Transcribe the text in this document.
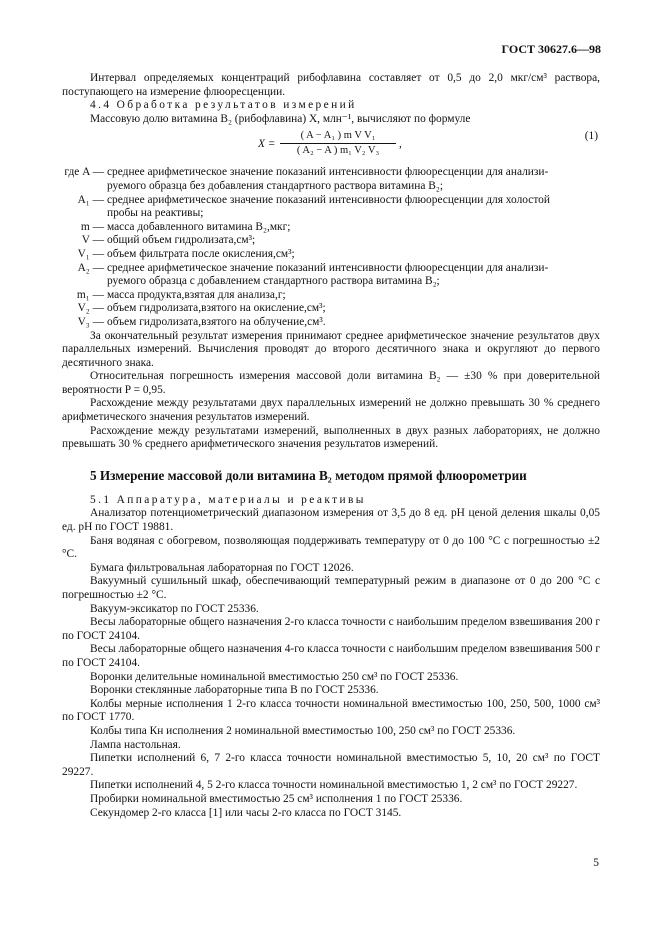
ГОСТ 30627.6—98

Интервал определяемых концентраций рибофлавина составляет от 0,5 до 2,0 мкг/см³ раствора, поступающего на измерение флюоресценции.

4.4 Обработка результатов измерений

Массовую долю витамина B₂ (рибофлавина) X, млн⁻¹, вычисляют по формуле

$X = \frac{\text{( A − A₁ ) m V V₁}}{\text{( A₂ − A ) m₁ V₂ V₃}}$ ,
(1)
где A — среднее арифметическое значение показаний интенсивности флюоресценции для анализи-
руемого образца без добавления стандартного раствора витамина B₂;
A₁ — среднее арифметическое значение показаний интенсивности флюоресценции для холостой
пробы на реактивы;
m — масса добавленного витамина B₂,мкг;
V — общий объем гидролизата,см³;
V₁ — объем фильтрата после окисления,см³;
A₂ — среднее арифметическое значение показаний интенсивности флюоресценции для анализи-
руемого образца с добавлением стандартного раствора витамина B₂;
m₁ — масса продукта,взятая для анализа,г;
V₂ — объем гидролизата,взятого на окисление,см³;
V₃ — объем гидролизата,взятого на облучение,см³.

За окончательный результат измерения принимают среднее арифметическое значение результатов двух параллельных измерений. Вычисления проводят до второго десятичного знака и округляют до первого десятичного знака.

Относительная погрешность измерения массовой доли витамина B₂ — ±30 % при доверительной вероятности P = 0,95.

Расхождение между результатами двух параллельных измерений не должно превышать 30 % среднего арифметического значения результатов измерений.

Расхождение между результатами измерений, выполненных в двух разных лабораториях, не должно превышать 30 % среднего арифметического значения результатов измерений.

5 Измерение массовой доли витамина B₂ методом прямой флюорометрии

5.1 Аппаратура, материалы и реактивы

Анализатор потенциометрический диапазоном измерения от 3,5 до 8 ед. pH ценой деления шкалы 0,05 ед. pH по ГОСТ 19881.

Баня водяная с обогревом, позволяющая поддерживать температуру от 0 до 100 °С с погрешностью ±2 °С.

Бумага фильтровальная лабораторная по ГОСТ 12026.

Вакуумный сушильный шкаф, обеспечивающий температурный режим в диапазоне от 0 до 200 °С с погрешностью ±2 °С.

Вакуум-эксикатор по ГОСТ 25336.

Весы лабораторные общего назначения 2-го класса точности с наибольшим пределом взвешивания 200 г по ГОСТ 24104.

Весы лабораторные общего назначения 4-го класса точности с наибольшим пределом взвешивания 500 г по ГОСТ 24104.

Воронки делительные номинальной вместимостью 250 см³ по ГОСТ 25336.

Воронки стеклянные лабораторные типа В по ГОСТ 25336.

Колбы мерные исполнения 1 2-го класса точности номинальной вместимостью 100, 250, 500, 1000 см³ по ГОСТ 1770.

Колбы типа Кн исполнения 2 номинальной вместимостью 100, 250 см³ по ГОСТ 25336.

Лампа настольная.

Пипетки исполнений 6, 7 2-го класса точности номинальной вместимостью 5, 10, 20 см³ по ГОСТ 29227.

Пипетки исполнений 4, 5 2-го класса точности номинальной вместимостью 1, 2 см³ по ГОСТ 29227.

Пробирки номинальной вместимостью 25 см³ исполнения 1 по ГОСТ 25336.

Секундомер 2-го класса [1] или часы 2-го класса по ГОСТ 3145.

5
